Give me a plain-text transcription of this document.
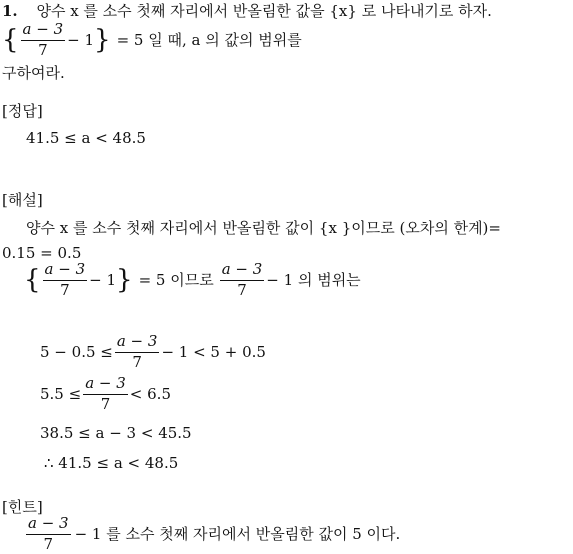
1. 양수 x 를 소수 첫째 자리에서 반올림한 값을 {x} 로 나타내기로 하자.
{ $\frac{a - 3}{7} - 1$ } = 5 일 때, a 의 값의 범위를
구하여라.
[정답]
41.5 ≤ a < 48.5
[해설]
양수 x 를 소수 첫째 자리에서 반올림한 값이 {x }이므로 (오차의 한계)=
0.15 = 0.5
{ $\frac{a - 3}{7} - 1$ } = 5 이므로 $\frac{a - 3}{7} - 1$ 의 범위는
$5 - 0.5 \le \frac{a - 3}{7} - 1 < 5 + 0.5$
$5.5 \le \frac{a - 3}{7} < 6.5$
38.5 ≤ a − 3 < 45.5
∴ 41.5 ≤ a < 48.5
[힌트]
$\frac{a - 3}{7} - 1$ 를 소수 첫째 자리에서 반올림한 값이 5 이다.
